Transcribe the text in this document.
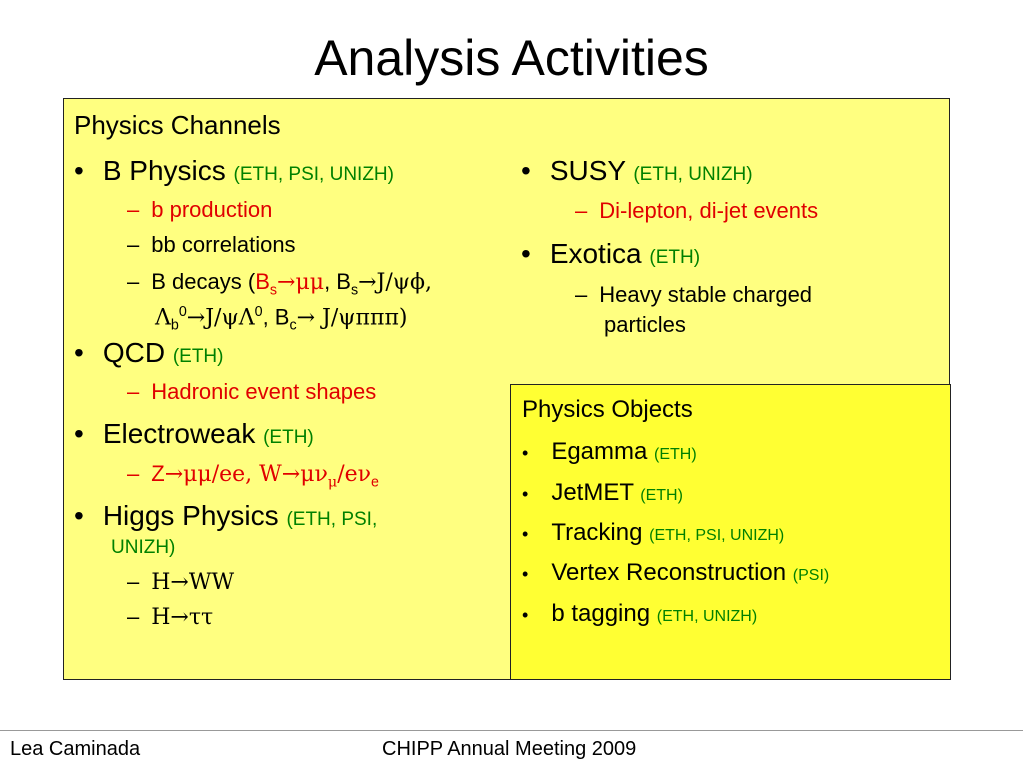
Analysis Activities
Physics Channels
• B Physics (ETH, PSI, UNIZH)
– b production
– bb correlations
– B decays ($B_s\to\mu\mu$, $B_s\to J/\psi\phi$,
$\Lambda_b^0\to J/\psi\Lambda^0$, $B_c\to J/\psi\pi\pi\pi$)
• QCD (ETH)
– Hadronic event shapes
• Electroweak (ETH)
– Z→μμ/ee, $W\to\mu\nu_\mu/e\nu_e$
• Higgs Physics (ETH, PSI,
UNIZH)
– H→WW
– H→ττ
• SUSY (ETH, UNIZH)
– Di-lepton, di-jet events
• Exotica (ETH)
– Heavy stable charged
particles
Physics Objects
• Egamma (ETH)
• JetMET (ETH)
• Tracking (ETH, PSI, UNIZH)
• Vertex Reconstruction (PSI)
• b tagging (ETH, UNIZH)
Lea Caminada	CHIPP Annual Meeting 2009
